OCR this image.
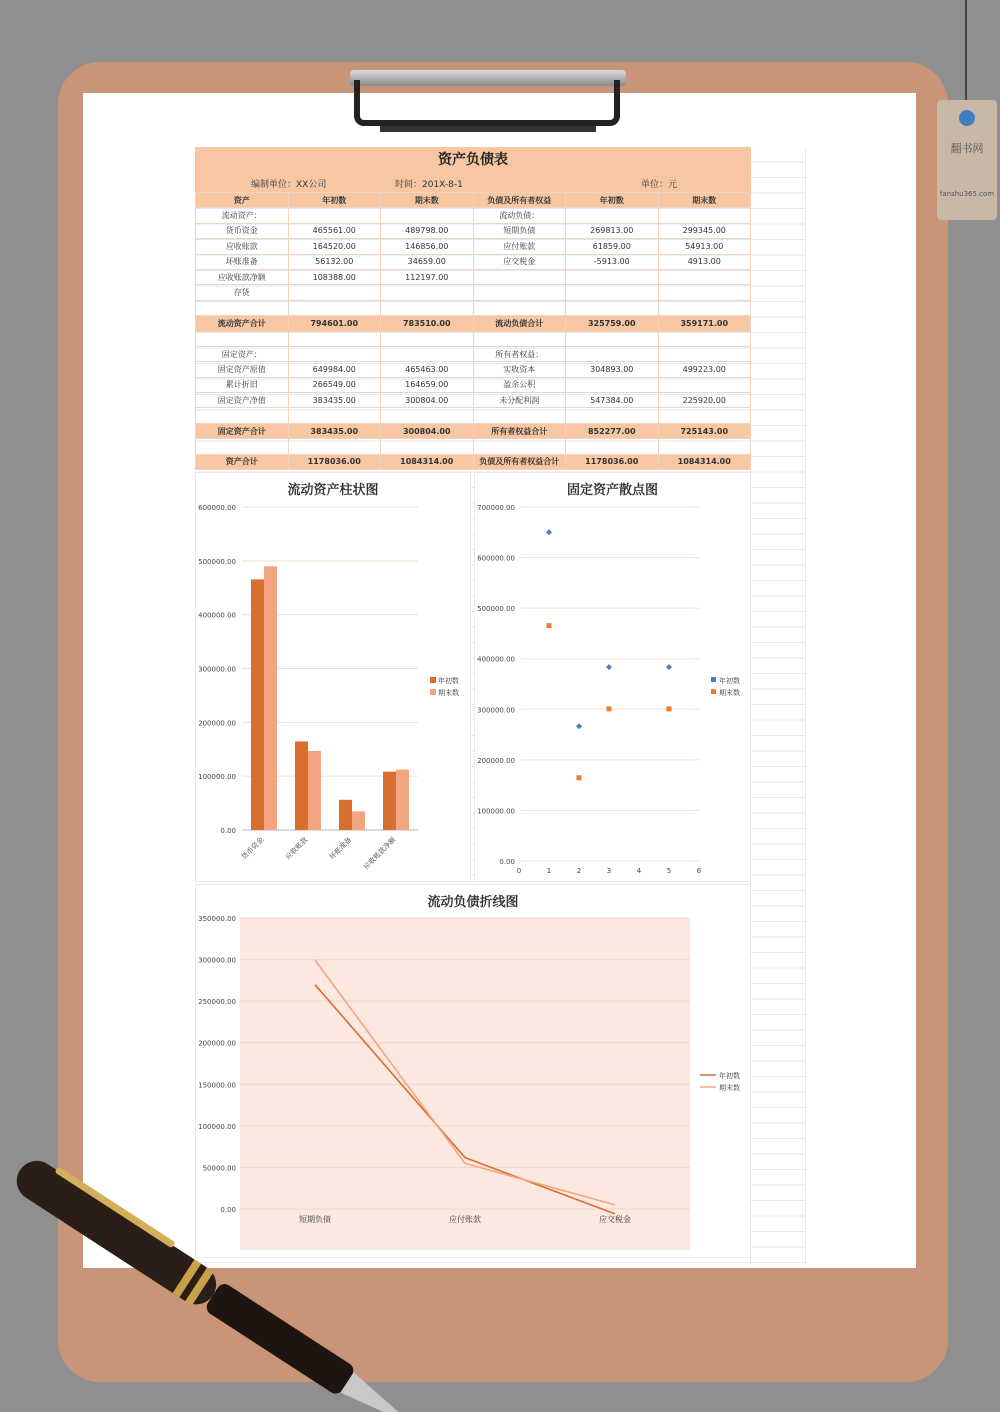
翻书网
fanshu365.com
资产负债表
编制单位：XX公司	时间：201X-8-1	单位：元
资产	年初数	期末数	负债及所有者权益	年初数	期末数
流动资产：			流动负债：		
货币资金	465561.00	489798.00	短期负债	269813.00	299345.00
应收账款	164520.00	146856.00	应付账款	61859.00	54913.00
坏账准备	56132.00	34659.00	应交税金	-5913.00	4913.00
应收账款净额	108388.00	112197.00			
存货					

流动资产合计	794601.00	783510.00	流动负债合计	325759.00	359171.00

固定资产：			所有者权益：		
固定资产原值	649984.00	465463.00	实收资本	304893.00	499223.00
累计折旧	266549.00	164659.00	盈余公积		
固定资产净值	383435.00	300804.00	未分配利润	547384.00	225920.00

固定资产合计	383435.00	300804.00	所有者权益合计	852277.00	725143.00

资产合计	1178036.00	1084314.00	负债及所有者权益合计	1178036.00	1084314.00
流动资产柱状图
0.00
100000.00
200000.00
300000.00
400000.00
500000.00
600000.00
货币资金	应收账款	坏账准备 应收账款净额
年初数
期末数
固定资产散点图
0.00
100000.00
200000.00
300000.00
400000.00
500000.00
600000.00
700000.00
0	1	2	3	4	5	6
年初数
期末数
流动负债折线图
0.00
50000.00
100000.00
150000.00
200000.00
250000.00
300000.00
350000.00
短期负债	应付账款	应交税金
年初数
期末数
